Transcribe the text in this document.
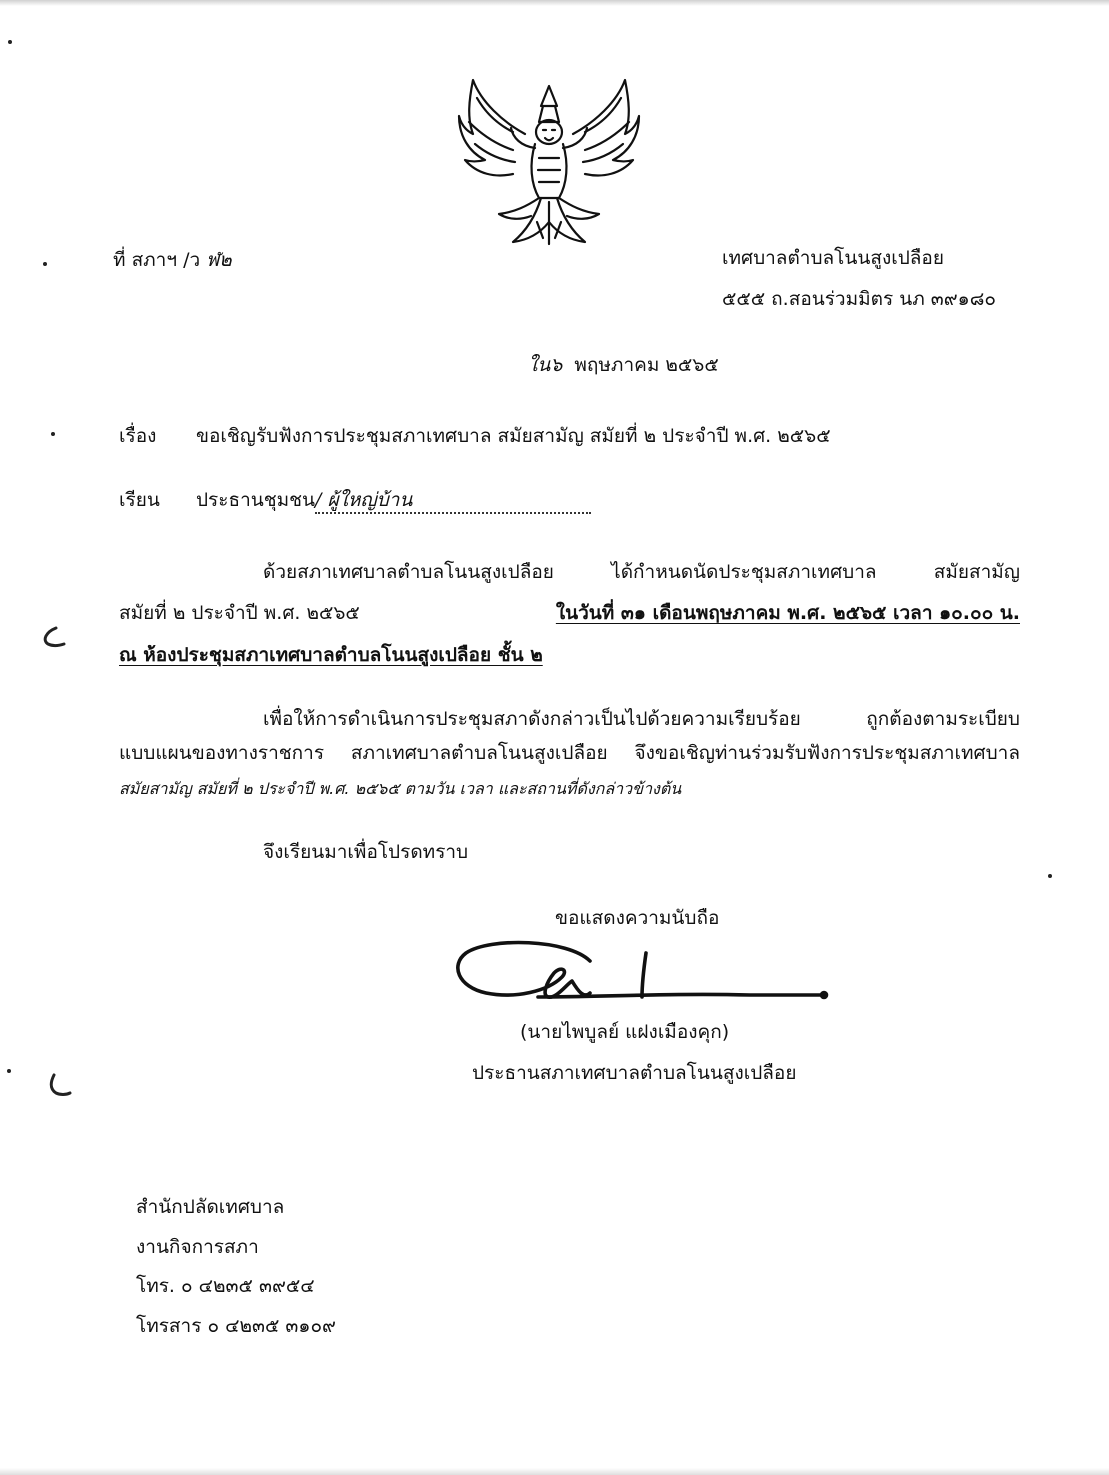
ที่ สภาฯ /ว ฬ๒	เทศบาลตำบลโนนสูงเปลือย
๕๕๕ ถ.สอนร่วมมิตร นภ ๓๙๑๘๐
ใน๖ พฤษภาคม ๒๕๖๕
เรื่อง ขอเชิญรับฟังการประชุมสภาเทศบาล สมัยสามัญ สมัยที่ ๒ ประจำปี พ.ศ. ๒๕๖๕
เรียน ประธานชุมชน/ ผู้ใหญ่บ้าน
ด้วยสภาเทศบาลตำบลโนนสูงเปลือย ได้กำหนดนัดประชุมสภาเทศบาล สมัยสามัญ
สมัยที่ ๒ ประจำปี พ.ศ. ๒๕๖๕	ในวันที่ ๓๑ เดือนพฤษภาคม พ.ศ. ๒๕๖๕ เวลา ๑๐.๐๐ น.
ณ ห้องประชุมสภาเทศบาลตำบลโนนสูงเปลือย ชั้น ๒
เพื่อให้การดำเนินการประชุมสภาดังกล่าวเป็นไปด้วยความเรียบร้อย ถูกต้องตามระเบียบ
แบบแผนของทางราชการ สภาเทศบาลตำบลโนนสูงเปลือย จึงขอเชิญท่านร่วมรับฟังการประชุมสภาเทศบาล
สมัยสามัญ สมัยที่ ๒ ประจำปี พ.ศ. ๒๕๖๕ ตามวัน เวลา และสถานที่ดังกล่าวข้างต้น
จึงเรียนมาเพื่อโปรดทราบ
ขอแสดงความนับถือ
(นายไพบูลย์ แฝงเมืองคุก)
ประธานสภาเทศบาลตำบลโนนสูงเปลือย
สำนักปลัดเทศบาล
งานกิจการสภา
โทร. ๐ ๔๒๓๕ ๓๙๕๔
โทรสาร ๐ ๔๒๓๕ ๓๑๐๙
